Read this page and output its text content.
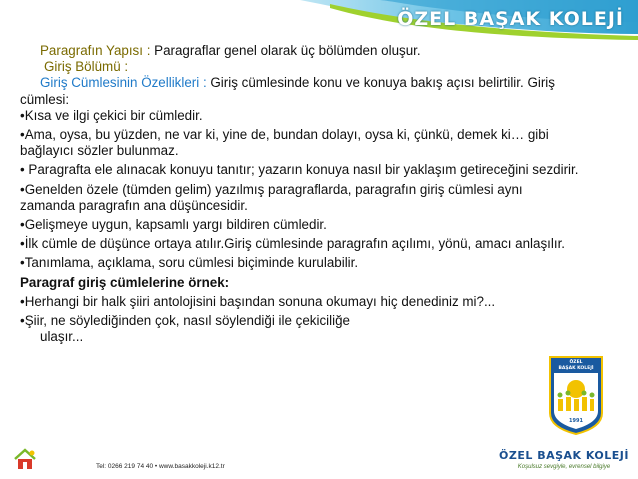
ÖZEL BAŞAK KOLEJİ

Paragrafın Yapısı : Paragraflar genel olarak üç bölümden oluşur.

Giriş Bölümü :

Giriş Cümlesinin Özellikleri : Giriş cümlesinde konu ve konuya bakış açısı belirtilir. Giriş cümlesi:

•Kısa ve ilgi çekici bir cümledir.

•Ama, oysa, bu yüzden, ne var ki, yine de, bundan dolayı, oysa ki, çünkü, demek ki… gibi bağlayıcı sözler bulunmaz.

• Paragrafta ele alınacak konuyu tanıtır; yazarın konuya nasıl bir yaklaşım getireceğini sezdirir.

•Genelden özele (tümden gelim) yazılmış paragraflarda, paragrafın giriş cümlesi aynı zamanda paragrafın ana düşüncesidir.

•Gelişmeye uygun, kapsamlı yargı bildiren cümledir.

•İlk cümle de düşünce ortaya atılır.Giriş cümlesinde paragrafın açılımı, yönü, amacı anlaşılır.

•Tanımlama, açıklama, soru cümlesi biçiminde kurulabilir.

Paragraf giriş cümlelerine örnek:

•Herhangi bir halk şiiri antolojisini başından sonuna okumayı hiç denediniz mi?...

•Şiir, ne söylediğinden çok, nasıl söylendiği ile çekiciliğe

ulaşır...

ÖZEL
BAŞAK KOLEJİ
1991
ÖZEL BAŞAK KOLEJİ
Koşulsuz sevgiyle, evrensel bilgiye
Tel: 0266 219 74 40 • www.basakkoleji.k12.tr
